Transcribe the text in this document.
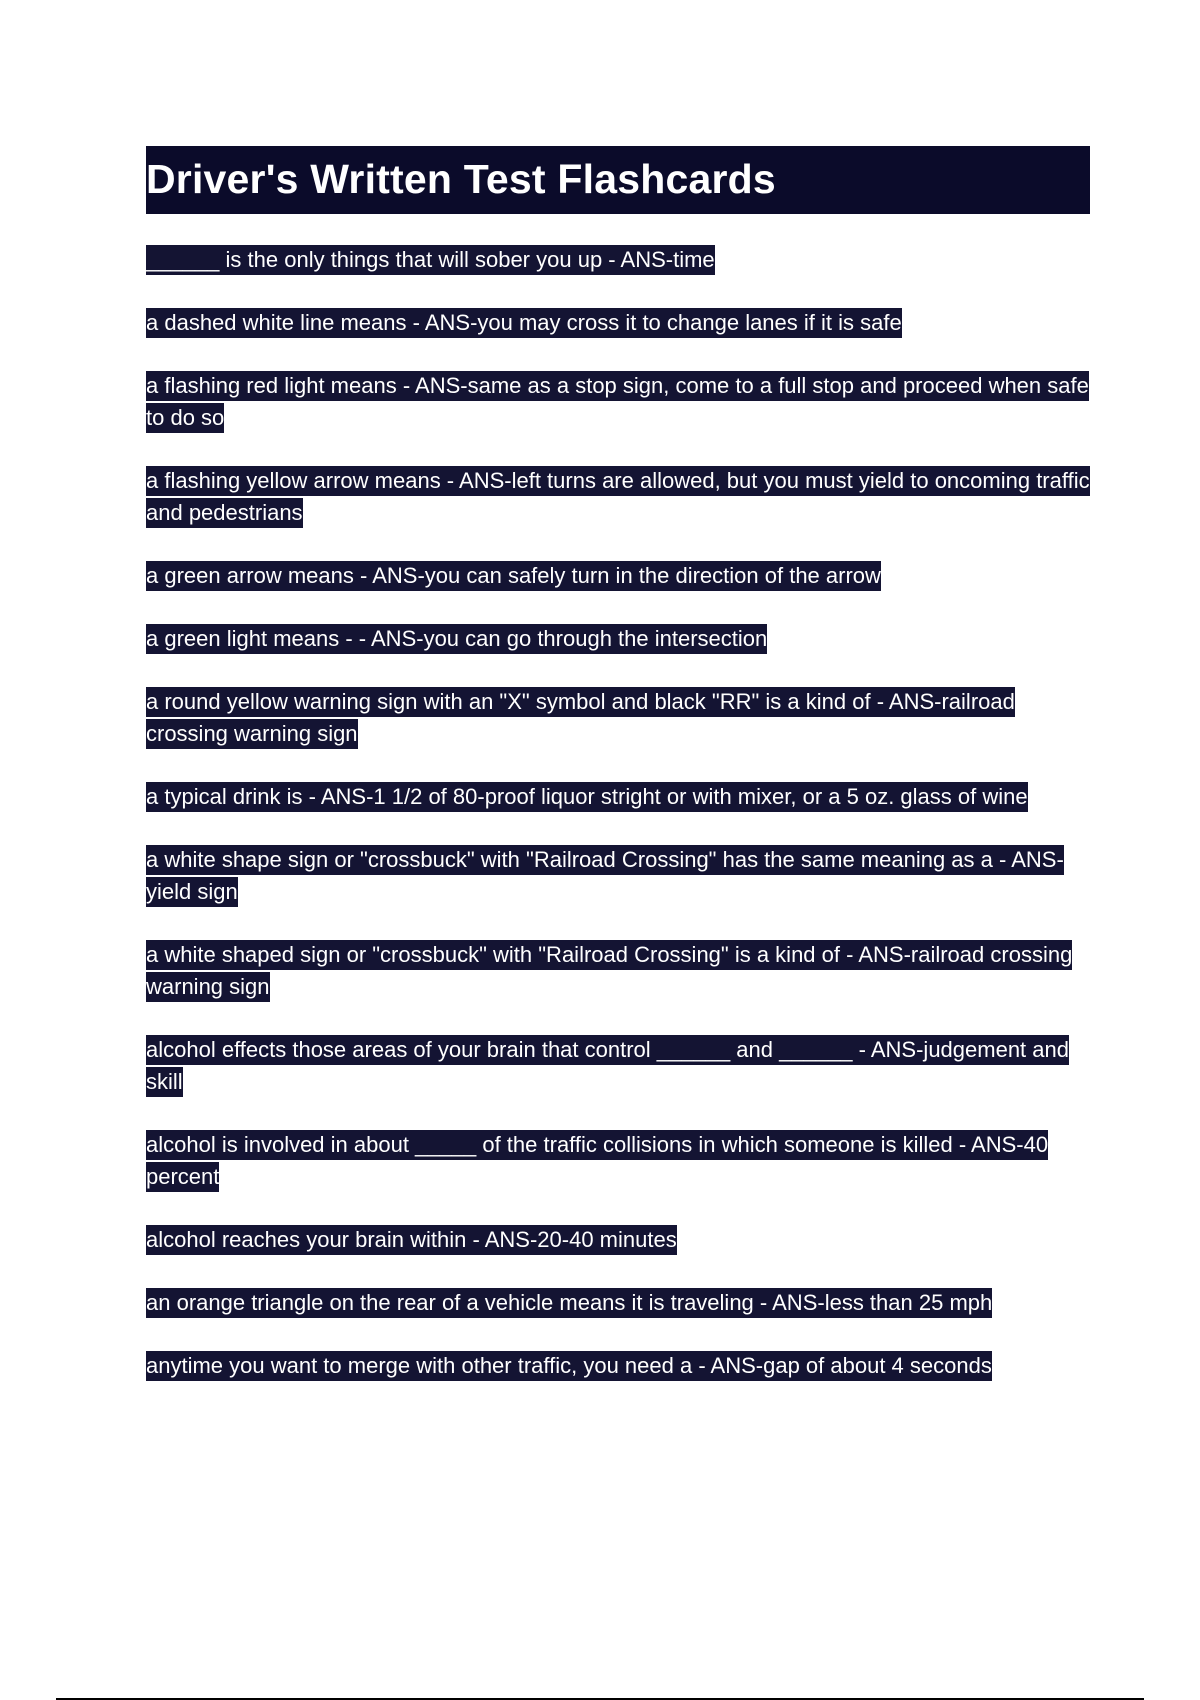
Driver's Written Test Flashcards

______ is the only things that will sober you up - ANS-time

a dashed white line means - ANS-you may cross it to change lanes if it is safe

a flashing red light means - ANS-same as a stop sign, come to a full stop and proceed when safe to do so

a flashing yellow arrow means - ANS-left turns are allowed, but you must yield to oncoming traffic and pedestrians

a green arrow means - ANS-you can safely turn in the direction of the arrow

a green light means - - ANS-you can go through the intersection

a round yellow warning sign with an "X" symbol and black "RR" is a kind of - ANS-railroad crossing warning sign

a typical drink is - ANS-1 1/2 of 80-proof liquor stright or with mixer, or a 5 oz. glass of wine

a white shape sign or "crossbuck" with "Railroad Crossing" has the same meaning as a - ANS-yield sign

a white shaped sign or "crossbuck" with "Railroad Crossing" is a kind of - ANS-railroad crossing warning sign

alcohol effects those areas of your brain that control ______ and ______ - ANS-judgement and skill

alcohol is involved in about _____ of the traffic collisions in which someone is killed - ANS-40 percent

alcohol reaches your brain within - ANS-20-40 minutes

an orange triangle on the rear of a vehicle means it is traveling - ANS-less than 25 mph

anytime you want to merge with other traffic, you need a - ANS-gap of about 4 seconds
